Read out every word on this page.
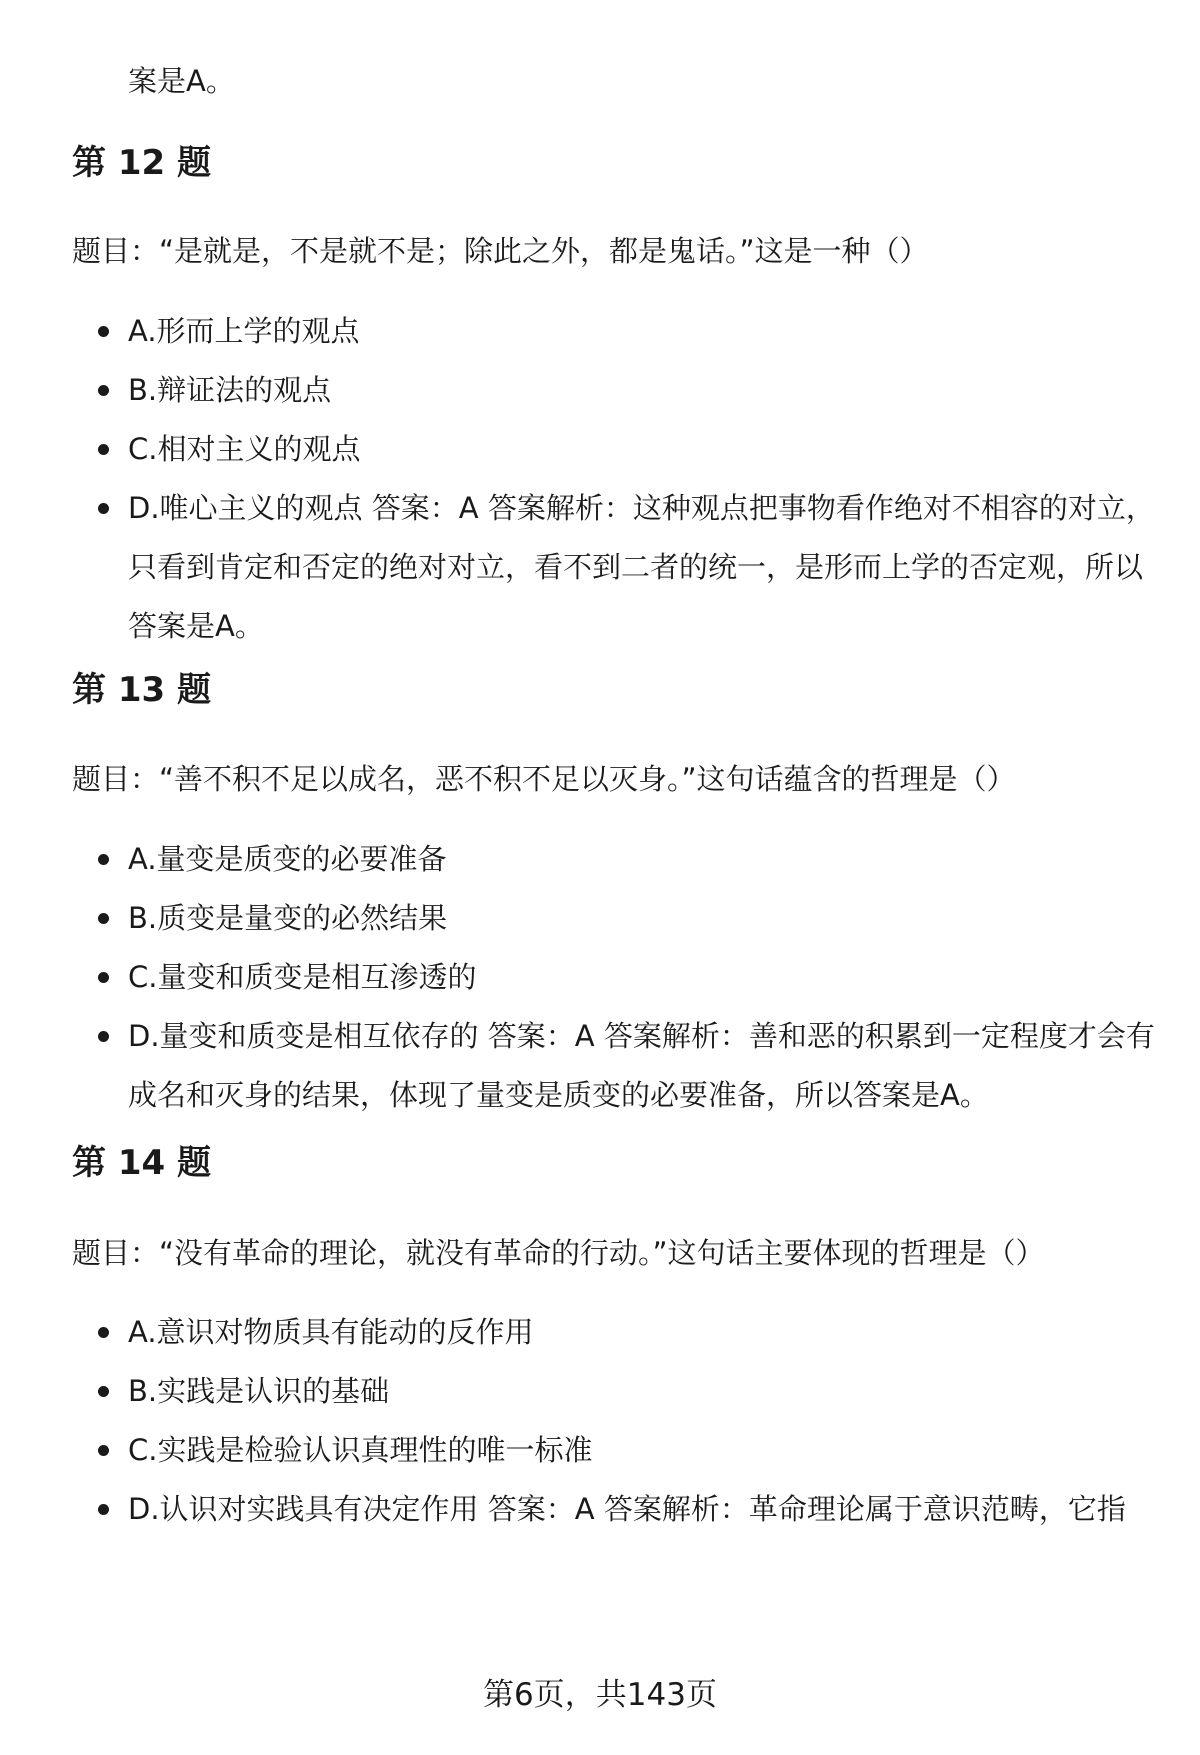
案是A。

第 12 题

题目：“是就是，不是就不是；除此之外，都是鬼话。”这是一种（）

A.形而上学的观点
B.辩证法的观点
C.相对主义的观点
D.唯心主义的观点 答案：A 答案解析：这种观点把事物看作绝对不相容的对立，只看到肯定和否定的绝对对立，看不到二者的统一，是形而上学的否定观，所以答案是A。
第 13 题

题目：“善不积不足以成名，恶不积不足以灭身。”这句话蕴含的哲理是（）

A.量变是质变的必要准备
B.质变是量变的必然结果
C.量变和质变是相互渗透的
D.量变和质变是相互依存的 答案：A 答案解析：善和恶的积累到一定程度才会有成名和灭身的结果，体现了量变是质变的必要准备，所以答案是A。
第 14 题

题目：“没有革命的理论，就没有革命的行动。”这句话主要体现的哲理是（）

A.意识对物质具有能动的反作用
B.实践是认识的基础
C.实践是检验认识真理性的唯一标准
D.认识对实践具有决定作用 答案：A 答案解析：革命理论属于意识范畴，它指

第6页，共143页
